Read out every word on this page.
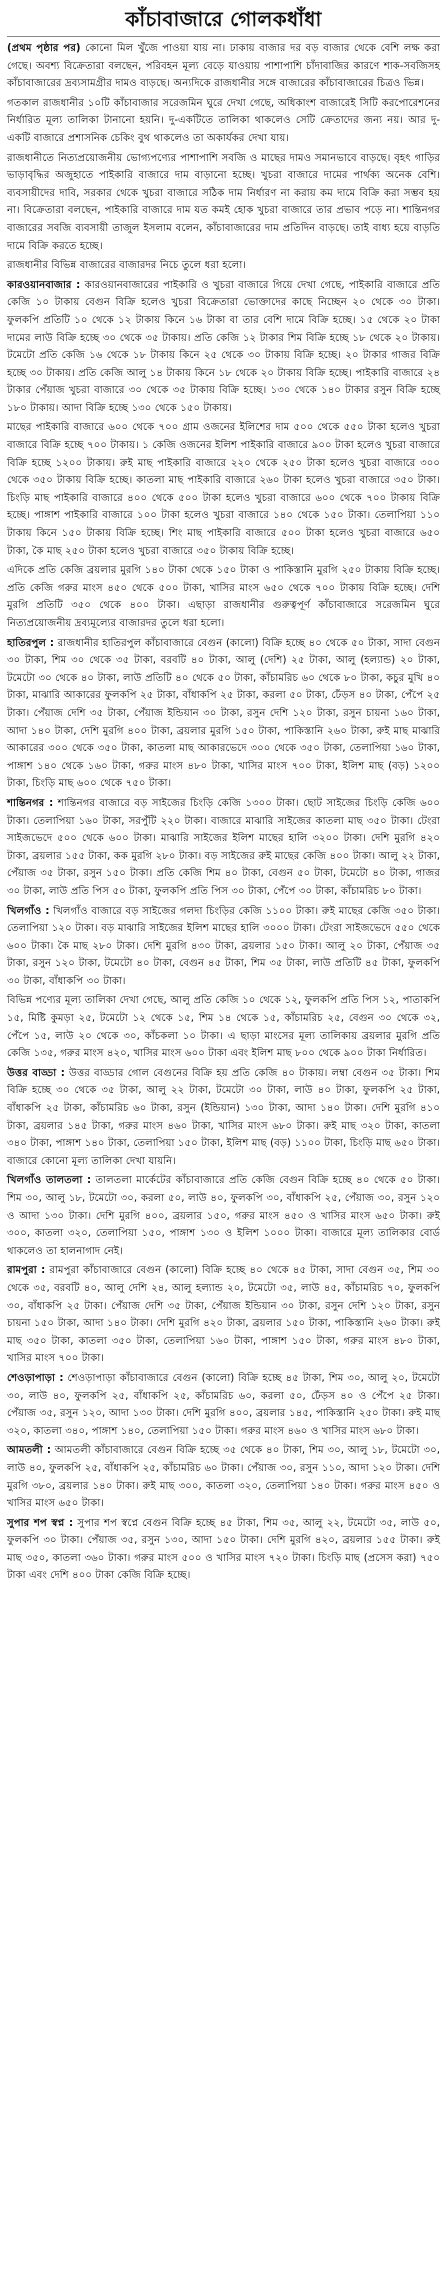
কাঁচাবাজারে গোলকধাঁধা

(প্রথম পৃষ্ঠার পর) কোনো মিল খুঁজে পাওয়া যায় না। ঢাকায় বাজার দর বড় বাজার থেকে বেশি লক্ষ করা গেছে। অবশ্য বিক্রেতারা বলছেন, পরিবহন মূল্য বেড়ে যাওয়ায় পাশাপাশি চাঁদাবাজির কারণে শাক-সবজিসহ কাঁচাবাজারের দ্রব্যসামগ্রীর দামও বাড়ছে। অন্যদিকে রাজধানীর সঙ্গে বাজারের কাঁচাবাজারের চিত্রও ভিন্ন।

গতকাল রাজধানীর ১০টি কাঁচাবাজার সরেজমিন ঘুরে দেখা গেছে, অধিকাংশ বাজারেই সিটি করপোরেশনের নির্ধারিত মূল্য তালিকা টানানো হয়নি। দু-একটিতে তালিকা থাকলেও সেটি ক্রেতাদের জন্য নয়। আর দু-একটি বাজারে প্রশাসনিক চেকিং বুথ থাকলেও তা অকার্যকর দেখা যায়।

রাজধানীতে নিত্যপ্রয়োজনীয় ভোগ্যপণ্যের পাশাপাশি সবজি ও মাছের দামও সমানভাবে বাড়ছে। বৃহৎ গাড়ির ভাড়াবৃদ্ধির অজুহাতে পাইকারি বাজারে দাম বাড়ানো হচ্ছে। খুচরা বাজারে দামের পার্থক্য অনেক বেশি। ব্যবসায়ীদের দাবি, সরকার থেকে খুচরা বাজারে সঠিক দাম নির্ধারণ না করায় কম দামে বিক্রি করা সম্ভব হয় না। বিক্রেতারা বলছেন, পাইকারি বাজারে দাম যত কমই হোক খুচরা বাজারে তার প্রভাব পড়ে না। শান্তিনগর বাজারের সবজি ব্যবসায়ী তাজুল ইসলাম বলেন, কাঁচাবাজারের দাম প্রতিদিন বাড়ছে। তাই বাধ্য হয়ে বাড়তি দামে বিক্রি করতে হচ্ছে।

রাজধানীর বিভিন্ন বাজারের বাজারদর নিচে তুলে ধরা হলো।

কারওয়ানবাজার : কারওয়ানবাজারের পাইকারি ও খুচরা বাজারে গিয়ে দেখা গেছে, পাইকারি বাজারে প্রতি কেজি ১০ টাকায় বেগুন বিক্রি হলেও খুচরা বিক্রেতারা ভোক্তাদের কাছে নিচ্ছেন ২০ থেকে ৩০ টাকা। ফুলকপি প্রতিটি ১০ থেকে ১২ টাকায় কিনে ১৬ টাকা বা তার বেশি দামে বিক্রি হচ্ছে। ১৫ থেকে ২০ টাকা দামের লাউ বিক্রি হচ্ছে ৩০ থেকে ৩৫ টাকায়। প্রতি কেজি ১২ টাকার শিম বিক্রি হচ্ছে ১৮ থেকে ২০ টাকায়। টমেটো প্রতি কেজি ১৬ থেকে ১৮ টাকায় কিনে ২৫ থেকে ৩০ টাকায় বিক্রি হচ্ছে। ২০ টাকার গাজর বিক্রি হচ্ছে ৩০ টাকায়। প্রতি কেজি আলু ১৪ টাকায় কিনে ১৮ থেকে ২০ টাকায় বিক্রি হচ্ছে। পাইকারি বাজারে ২৪ টাকার পেঁয়াজ খুচরা বাজারে ৩০ থেকে ৩৫ টাকায় বিক্রি হচ্ছে। ১৩০ থেকে ১৪০ টাকার রসুন বিক্রি হচ্ছে ১৮০ টাকায়। আদা বিক্রি হচ্ছে ১৩০ থেকে ১৫০ টাকায়।

মাছের পাইকারি বাজারে ৬০০ থেকে ৭০০ গ্রাম ওজনের ইলিশের দাম ৫০০ থেকে ৫৫০ টাকা হলেও খুচরা বাজারে বিক্রি হচ্ছে ৭০০ টাকায়। ১ কেজি ওজনের ইলিশ পাইকারি বাজারে ৯০০ টাকা হলেও খুচরা বাজারে বিক্রি হচ্ছে ১২০০ টাকায়। রুই মাছ পাইকারি বাজারে ২২০ থেকে ২৫০ টাকা হলেও খুচরা বাজারে ৩০০ থেকে ৩৫০ টাকায় বিক্রি হচ্ছে। কাতলা মাছ পাইকারি বাজারে ২৬০ টাকা হলেও খুচরা বাজারে ৩৫০ টাকা। চিংড়ি মাছ পাইকারি বাজারে ৪০০ থেকে ৫০০ টাকা হলেও খুচরা বাজারে ৬০০ থেকে ৭০০ টাকায় বিক্রি হচ্ছে। পাঙ্গাশ পাইকারি বাজারে ১০০ টাকা হলেও খুচরা বাজারে ১৪০ থেকে ১৫০ টাকা। তেলাপিয়া ১১০ টাকায় কিনে ১৫০ টাকায় বিক্রি হচ্ছে। শিং মাছ পাইকারি বাজারে ৫০০ টাকা হলেও খুচরা বাজারে ৬৫০ টাকা, কৈ মাছ ২৫০ টাকা হলেও খুচরা বাজারে ৩৫০ টাকায় বিক্রি হচ্ছে।

এদিকে প্রতি কেজি ব্রয়লার মুরগি ১৪০ টাকা থেকে ১৫০ টাকা ও পাকিস্তানি মুরগি ২৫০ টাকায় বিক্রি হচ্ছে। প্রতি কেজি গরুর মাংস ৪৫০ থেকে ৫০০ টাকা, খাসির মাংস ৬৫০ থেকে ৭০০ টাকায় বিক্রি হচ্ছে। দেশি মুরগি প্রতিটি ৩৫০ থেকে ৪০০ টাকা। এছাড়া রাজধানীর গুরুত্বপূর্ণ কাঁচাবাজারে সরেজমিন ঘুরে নিত্যপ্রয়োজনীয় দ্রব্যমূল্যের বাজারদর তুলে ধরা হলো।

হাতিরপুল : রাজধানীর হাতিরপুল কাঁচাবাজারে বেগুন (কালো) বিক্রি হচ্ছে ৪০ থেকে ৫০ টাকা, সাদা বেগুন ৩০ টাকা, শিম ৩০ থেকে ৩৫ টাকা, বরবটি ৪০ টাকা, আলু (দেশি) ২৫ টাকা, আলু (হল্যান্ড) ২০ টাকা, টমেটো ৩০ থেকে ৪০ টাকা, লাউ প্রতিটি ৪০ থেকে ৫০ টাকা, কাঁচামরিচ ৬০ থেকে ৮০ টাকা, কচুর মুখি ৪০ টাকা, মাঝারি আকারের ফুলকপি ২৫ টাকা, বাঁধাকপি ২৫ টাকা, করলা ৫০ টাকা, ঢেঁড়স ৪০ টাকা, পেঁপে ২৫ টাকা। পেঁয়াজ দেশি ৩৫ টাকা, পেঁয়াজ ইন্ডিয়ান ৩০ টাকা, রসুন দেশি ১২০ টাকা, রসুন চায়না ১৬০ টাকা, আদা ১৪০ টাকা, দেশি মুরগি ৪০০ টাকা, ব্রয়লার মুরগি ১৫০ টাকা, পাকিস্তানি ২৬০ টাকা, রুই মাছ মাঝারি আকারের ৩০০ থেকে ৩৫০ টাকা, কাতলা মাছ আকারভেদে ৩০০ থেকে ৩৫০ টাকা, তেলাপিয়া ১৬০ টাকা, পাঙ্গাশ ১৪০ থেকে ১৬০ টাকা, গরুর মাংস ৪৮০ টাকা, খাসির মাংস ৭০০ টাকা, ইলিশ মাছ (বড়) ১২০০ টাকা, চিংড়ি মাছ ৬০০ থেকে ৭৫০ টাকা।

শান্তিনগর : শান্তিনগর বাজারে বড় সাইজের চিংড়ি কেজি ১৩০০ টাকা। ছোট সাইজের চিংড়ি কেজি ৬০০ টাকা। তেলাপিয়া ১৬০ টাকা, সরপুঁটি ২২০ টাকা। বাজারে মাঝারি সাইজের কাতলা মাছ ৩৫০ টাকা। টেংরা সাইজভেদে ৫০০ থেকে ৬০০ টাকা। মাঝারি সাইজের ইলিশ মাছের হালি ৩২০০ টাকা। দেশি মুরগি ৪২০ টাকা, ব্রয়লার ১৫৫ টাকা, কক মুরগি ২৮০ টাকা। বড় সাইজের রুই মাছের কেজি ৪০০ টাকা। আলু ২২ টাকা, পেঁয়াজ ৩৫ টাকা, রসুন ১৫০ টাকা। প্রতি কেজি শিম ৪০ টাকা, বেগুন ৫০ টাকা, টমেটো ৪০ টাকা, গাজর ৩০ টাকা, লাউ প্রতি পিস ৫০ টাকা, ফুলকপি প্রতি পিস ৩০ টাকা, পেঁপে ৩০ টাকা, কাঁচামরিচ ৮০ টাকা।

খিলগাঁও : খিলগাঁও বাজারে বড় সাইজের গলদা চিংড়ির কেজি ১১০০ টাকা। রুই মাছের কেজি ৩৫০ টাকা। তেলাপিয়া ১২০ টাকা। বড় মাঝারি সাইজের ইলিশ মাছের হালি ৩০০০ টাকা। টেংরা সাইজভেদে ৫৫০ থেকে ৬০০ টাকা। কৈ মাছ ২৮০ টাকা। দেশি মুরগি ৪৩০ টাকা, ব্রয়লার ১৫০ টাকা। আলু ২০ টাকা, পেঁয়াজ ৩৫ টাকা, রসুন ১২০ টাকা, টমেটো ৪০ টাকা, বেগুন ৪৫ টাকা, শিম ৩৫ টাকা, লাউ প্রতিটি ৪৫ টাকা, ফুলকপি ৩০ টাকা, বাঁধাকপি ৩০ টাকা।

বিভিন্ন পণ্যের মূল্য তালিকা দেখা গেছে, আলু প্রতি কেজি ১০ থেকে ১২, ফুলকপি প্রতি পিস ১২, পাতাকপি ১৫, মিষ্টি কুমড়া ২৫, টমেটো ১২ থেকে ১৫, শিম ১৪ থেকে ১৫, কাঁচামরিচ ২৫, বেগুন ৩০ থেকে ৩২, পেঁপে ১৫, লাউ ২০ থেকে ৩০, কাঁচকলা ১০ টাকা। এ ছাড়া মাংসের মূল্য তালিকায় ব্রয়লার মুরগি প্রতি কেজি ১৩৫, গরুর মাংস ৪২০, খাসির মাংস ৬০০ টাকা এবং ইলিশ মাছ ৮০০ থেকে ৯০০ টাকা নির্ধারিত।

উত্তর বাড্ডা : উত্তর বাড্ডার গোল বেগুনের বিক্রি হয় প্রতি কেজি ৪০ টাকায়। লম্বা বেগুন ৩৫ টাকা। শিম বিক্রি হচ্ছে ৩০ থেকে ৩৫ টাকা, আলু ২২ টাকা, টমেটো ৩০ টাকা, লাউ ৪০ টাকা, ফুলকপি ২৫ টাকা, বাঁধাকপি ২৫ টাকা, কাঁচামরিচ ৬০ টাকা, রসুন (ইন্ডিয়ান) ১৩০ টাকা, আদা ১৪০ টাকা। দেশি মুরগি ৪১০ টাকা, ব্রয়লার ১৪৫ টাকা, গরুর মাংস ৪৬০ টাকা, খাসির মাংস ৬৮০ টাকা। রুই মাছ ৩২০ টাকা, কাতলা ৩৪০ টাকা, পাঙ্গাশ ১৪০ টাকা, তেলাপিয়া ১৫০ টাকা, ইলিশ মাছ (বড়) ১১০০ টাকা, চিংড়ি মাছ ৬৫০ টাকা। বাজারে কোনো মূল্য তালিকা দেখা যায়নি।

খিলগাঁও তালতলা : তালতলা মার্কেটের কাঁচাবাজারে প্রতি কেজি বেগুন বিক্রি হচ্ছে ৪০ থেকে ৫০ টাকা। শিম ৩০, আলু ১৮, টমেটো ৩০, করলা ৫০, লাউ ৪০, ফুলকপি ৩০, বাঁধাকপি ২৫, পেঁয়াজ ৩০, রসুন ১২০ ও আদা ১৩০ টাকা। দেশি মুরগি ৪০০, ব্রয়লার ১৫০, গরুর মাংস ৪৫০ ও খাসির মাংস ৬৫০ টাকা। রুই ৩০০, কাতলা ৩২০, তেলাপিয়া ১৫০, পাঙ্গাশ ১৩০ ও ইলিশ ১০০০ টাকা। বাজারে মূল্য তালিকার বোর্ড থাকলেও তা হালনাগাদ নেই।

রামপুরা : রামপুরা কাঁচাবাজারে বেগুন (কালো) বিক্রি হচ্ছে ৪০ থেকে ৪৫ টাকা, সাদা বেগুন ৩৫, শিম ৩০ থেকে ৩৫, বরবটি ৪০, আলু দেশি ২৪, আলু হল্যান্ড ২০, টমেটো ৩৫, লাউ ৪৫, কাঁচামরিচ ৭০, ফুলকপি ৩০, বাঁধাকপি ২৫ টাকা। পেঁয়াজ দেশি ৩৫ টাকা, পেঁয়াজ ইন্ডিয়ান ৩০ টাকা, রসুন দেশি ১২০ টাকা, রসুন চায়না ১৫০ টাকা, আদা ১৪০ টাকা। দেশি মুরগি ৪২০ টাকা, ব্রয়লার ১৫০ টাকা, পাকিস্তানি ২৬০ টাকা। রুই মাছ ৩৫০ টাকা, কাতলা ৩৫০ টাকা, তেলাপিয়া ১৬০ টাকা, পাঙ্গাশ ১৫০ টাকা, গরুর মাংস ৪৮০ টাকা, খাসির মাংস ৭০০ টাকা।

শেওড়াপাড়া : শেওড়াপাড়া কাঁচাবাজারে বেগুন (কালো) বিক্রি হচ্ছে ৪৫ টাকা, শিম ৩০, আলু ২০, টমেটো ৩০, লাউ ৪০, ফুলকপি ২৫, বাঁধাকপি ২৫, কাঁচামরিচ ৬০, করলা ৫০, ঢেঁড়স ৪০ ও পেঁপে ২৫ টাকা। পেঁয়াজ ৩৫, রসুন ১২০, আদা ১৩০ টাকা। দেশি মুরগি ৪০০, ব্রয়লার ১৪৫, পাকিস্তানি ২৫০ টাকা। রুই মাছ ৩২০, কাতলা ৩৪০, পাঙ্গাশ ১৪০, তেলাপিয়া ১৫০ টাকা। গরুর মাংস ৪৬০ ও খাসির মাংস ৬৮০ টাকা।

আমতলী : আমতলী কাঁচাবাজারে বেগুন বিক্রি হচ্ছে ৩৫ থেকে ৪০ টাকা, শিম ৩০, আলু ১৮, টমেটো ৩০, লাউ ৪০, ফুলকপি ২৫, বাঁধাকপি ২৫, কাঁচামরিচ ৬০ টাকা। পেঁয়াজ ৩০, রসুন ১১০, আদা ১২০ টাকা। দেশি মুরগি ৩৮০, ব্রয়লার ১৪০ টাকা। রুই মাছ ৩০০, কাতলা ৩২০, তেলাপিয়া ১৪০ টাকা। গরুর মাংস ৪৫০ ও খাসির মাংস ৬৫০ টাকা।

সুপার শপ স্বপ্ন : সুপার শপ স্বপ্নে বেগুন বিক্রি হচ্ছে ৪৫ টাকা, শিম ৩৫, আলু ২২, টমেটো ৩৫, লাউ ৫০, ফুলকপি ৩০ টাকা। পেঁয়াজ ৩৫, রসুন ১৩০, আদা ১৫০ টাকা। দেশি মুরগি ৪২০, ব্রয়লার ১৫৫ টাকা। রুই মাছ ৩৫০, কাতলা ৩৬০ টাকা। গরুর মাংস ৫০০ ও খাসির মাংস ৭২০ টাকা। চিংড়ি মাছ (প্রসেস করা) ৭৫০ টাকা এবং দেশি ৪০০ টাকা কেজি বিক্রি হচ্ছে।
